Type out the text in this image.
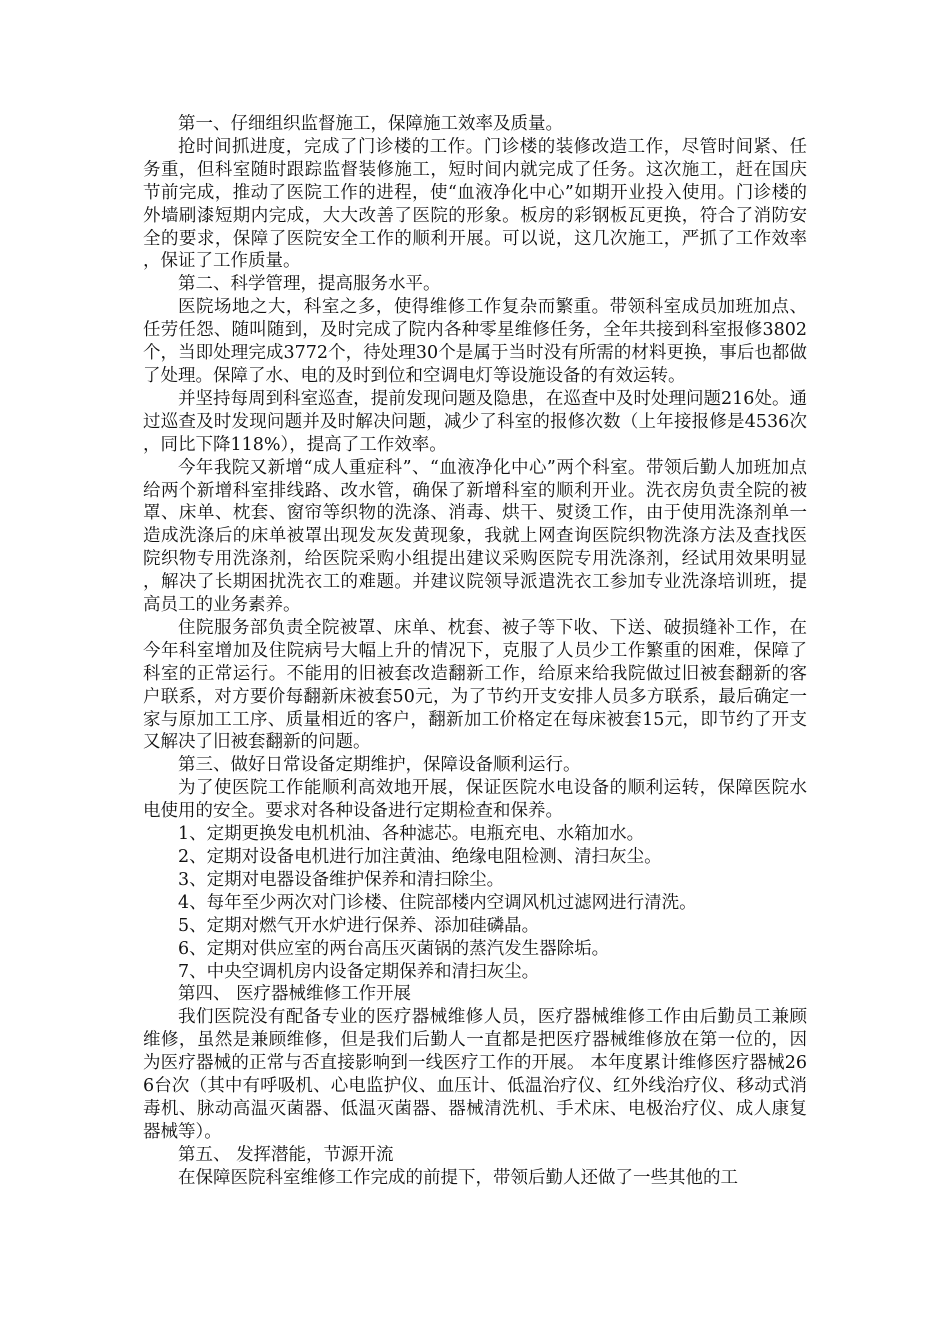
第一、仔细组织监督施工，保障施工效率及质量。

抢时间抓进度，完成了门诊楼的工作。门诊楼的装修改造工作，尽管时间紧、任务重，但科室随时跟踪监督装修施工，短时间内就完成了任务。这次施工，赶在国庆节前完成，推动了医院工作的进程，使“血液净化中心”如期开业投入使用。门诊楼的外墙刷漆短期内完成，大大改善了医院的形象。板房的彩钢板瓦更换，符合了消防安全的要求，保障了医院安全工作的顺利开展。可以说，这几次施工，严抓了工作效率，保证了工作质量。

第二、科学管理，提高服务水平。

医院场地之大，科室之多，使得维修工作复杂而繁重。带领科室成员加班加点、任劳任怨、随叫随到，及时完成了院内各种零星维修任务，全年共接到科室报修3802个，当即处理完成3772个，待处理30个是属于当时没有所需的材料更换，事后也都做了处理。保障了水、电的及时到位和空调电灯等设施设备的有效运转。

并坚持每周到科室巡查，提前发现问题及隐患，在巡查中及时处理问题216处。通过巡查及时发现问题并及时解决问题，减少了科室的报修次数（上年接报修是4536次，同比下降118%），提高了工作效率。

今年我院又新增“成人重症科”、“血液净化中心”两个科室。带领后勤人加班加点给两个新增科室排线路、改水管，确保了新增科室的顺利开业。洗衣房负责全院的被罩、床单、枕套、窗帘等织物的洗涤、消毒、烘干、熨烫工作，由于使用洗涤剂单一造成洗涤后的床单被罩出现发灰发黄现象，我就上网查询医院织物洗涤方法及查找医院织物专用洗涤剂，给医院采购小组提出建议采购医院专用洗涤剂，经试用效果明显，解决了长期困扰洗衣工的难题。并建议院领导派遣洗衣工参加专业洗涤培训班，提高员工的业务素养。

住院服务部负责全院被罩、床单、枕套、被子等下收、下送、破损缝补工作，在今年科室增加及住院病号大幅上升的情况下，克服了人员少工作繁重的困难，保障了科室的正常运行。不能用的旧被套改造翻新工作，给原来给我院做过旧被套翻新的客户联系，对方要价每翻新床被套50元，为了节约开支安排人员多方联系，最后确定一家与原加工工序、质量相近的客户，翻新加工价格定在每床被套15元，即节约了开支又解决了旧被套翻新的问题。

第三、做好日常设备定期维护，保障设备顺利运行。

为了使医院工作能顺利高效地开展，保证医院水电设备的顺利运转，保障医院水电使用的安全。要求对各种设备进行定期检查和保养。

1、定期更换发电机机油、各种滤芯。电瓶充电、水箱加水。

2、定期对设备电机进行加注黄油、绝缘电阻检测、清扫灰尘。

3、定期对电器设备维护保养和清扫除尘。

4、每年至少两次对门诊楼、住院部楼内空调风机过滤网进行清洗。

5、定期对燃气开水炉进行保养、添加硅磷晶。

6、定期对供应室的两台高压灭菌锅的蒸汽发生器除垢。

7、中央空调机房内设备定期保养和清扫灰尘。

第四、 医疗器械维修工作开展

我们医院没有配备专业的医疗器械维修人员，医疗器械维修工作由后勤员工兼顾维修，虽然是兼顾维修，但是我们后勤人一直都是把医疗器械维修放在第一位的，因为医疗器械的正常与否直接影响到一线医疗工作的开展。 本年度累计维修医疗器械266台次（其中有呼吸机、心电监护仪、血压计、低温治疗仪、红外线治疗仪、移动式消毒机、脉动高温灭菌器、低温灭菌器、器械清洗机、手术床、电极治疗仪、成人康复器械等）。

第五、 发挥潜能，节源开流

在保障医院科室维修工作完成的前提下，带领后勤人还做了一些其他的工
